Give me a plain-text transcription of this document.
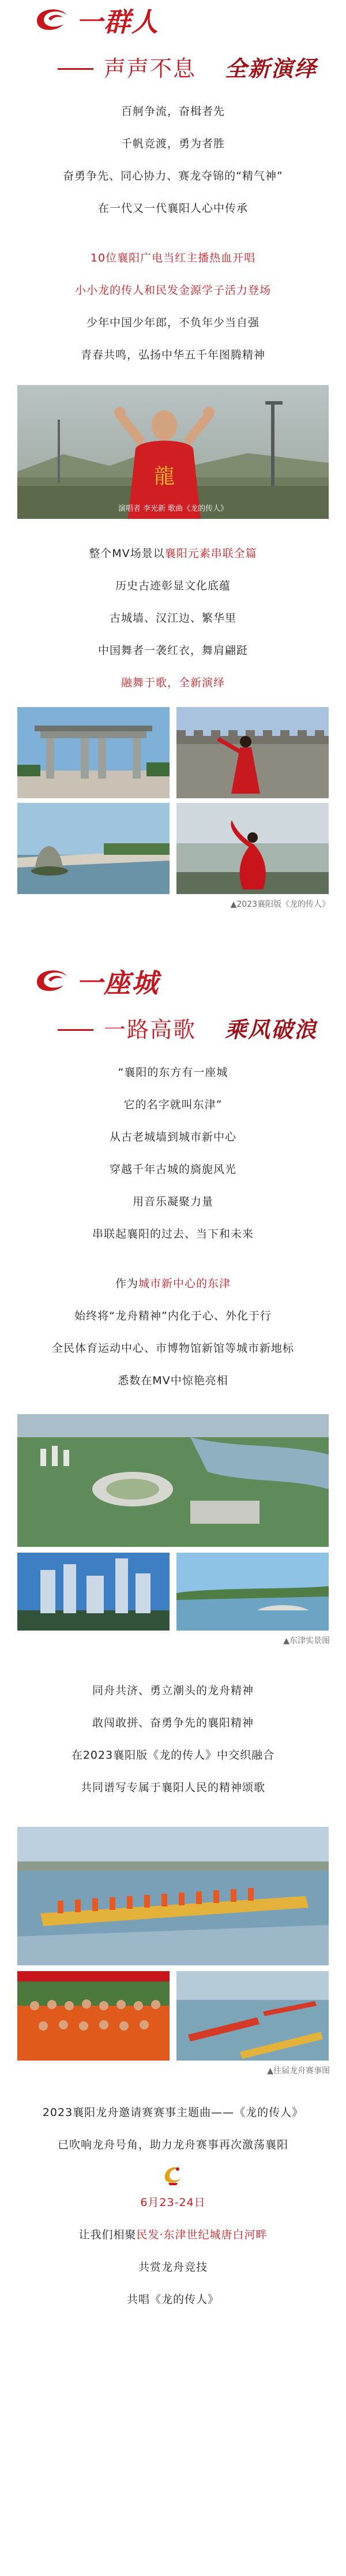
一群人
声声不息 全新演绎

百舸争流，奋楫者先

千帆竞渡，勇为者胜

奋勇争先、同心协力、赛龙夺锦的“精气神”

在一代又一代襄阳人心中传承

10位襄阳广电当红主播热血开唱

小小龙的传人和民发金源学子活力登场

少年中国少年郎，不负年少当自强

青春共鸣，弘扬中华五千年图腾精神

龍
演唱者 李光新 歌曲《龙的传人》

整个MV场景以襄阳元素串联全篇

历史古迹彰显文化底蕴

古城墙、汉江边、繁华里

中国舞者一袭红衣，舞肩翩跹

融舞于歌，全新演绎

▲2023襄阳版《龙的传人》
一座城
一路高歌 乘风破浪

“襄阳的东方有一座城

它的名字就叫东津”

从古老城墙到城市新中心

穿越千年古城的旖旎风光

用音乐凝聚力量

串联起襄阳的过去、当下和未来

作为城市新中心的东津

始终将“龙舟精神”内化于心、外化于行

全民体育运动中心、市博物馆新馆等城市新地标

悉数在MV中惊艳亮相

▲东津实景图

同舟共济、勇立潮头的龙舟精神

敢闯敢拼、奋勇争先的襄阳精神

在2023襄阳版《龙的传人》中交织融合

共同谱写专属于襄阳人民的精神颂歌

▲往届龙舟赛事图

2023襄阳龙舟邀请赛赛事主题曲——《龙的传人》

已吹响龙舟号角，助力龙舟赛事再次激荡襄阳

6月23-24日

让我们相聚民发·东津世纪城唐白河畔

共赏龙舟竞技

共唱《龙的传人》
